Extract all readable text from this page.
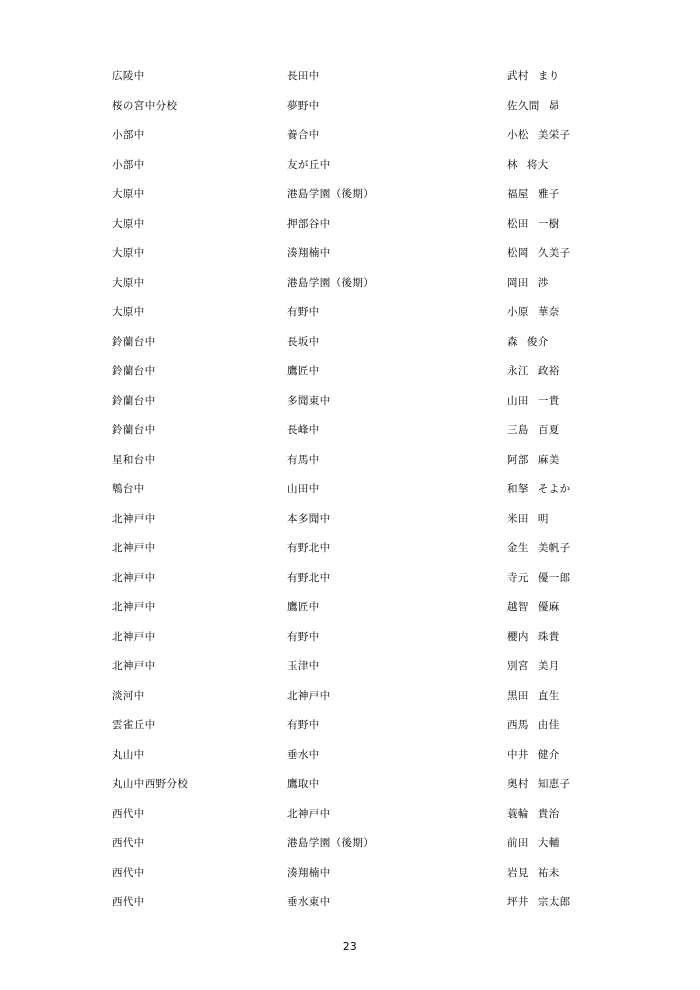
広陵中	長田中	武村 まり
桜の宮中分校	夢野中	佐久間 昴
小部中	養合中	小松 美栄子
小部中	友が丘中	林 将大
大原中	港島学園（後期）	福屋 雅子
大原中	押部谷中	松田 一樹
大原中	湊翔楠中	松岡 久美子
大原中	港島学園（後期）	岡田 渉
大原中	有野中	小原 華奈
鈴蘭台中	長坂中	森 俊介
鈴蘭台中	鷹匠中	永江 政裕
鈴蘭台中	多聞東中	山田 一貴
鈴蘭台中	長峰中	三島 百夏
星和台中	有馬中	阿部 麻美
鵯台中	山田中	和拏 そよか
北神戸中	本多聞中	米田 明
北神戸中	有野北中	金生 美帆子
北神戸中	有野北中	寺元 優一郎
北神戸中	鷹匠中	越智 優麻
北神戸中	有野中	櫻内 珠貴
北神戸中	玉津中	別宮 美月
淡河中	北神戸中	黒田 直生
雲雀丘中	有野中	西馬 由佳
丸山中	垂水中	中井 健介
丸山中西野分校	鷹取中	奥村 知恵子
西代中	北神戸中	蓑輪 貴治
西代中	港島学園（後期）	前田 大輔
西代中	湊翔楠中	岩見 祐未
西代中	垂水東中	坪井 宗太郎
23
